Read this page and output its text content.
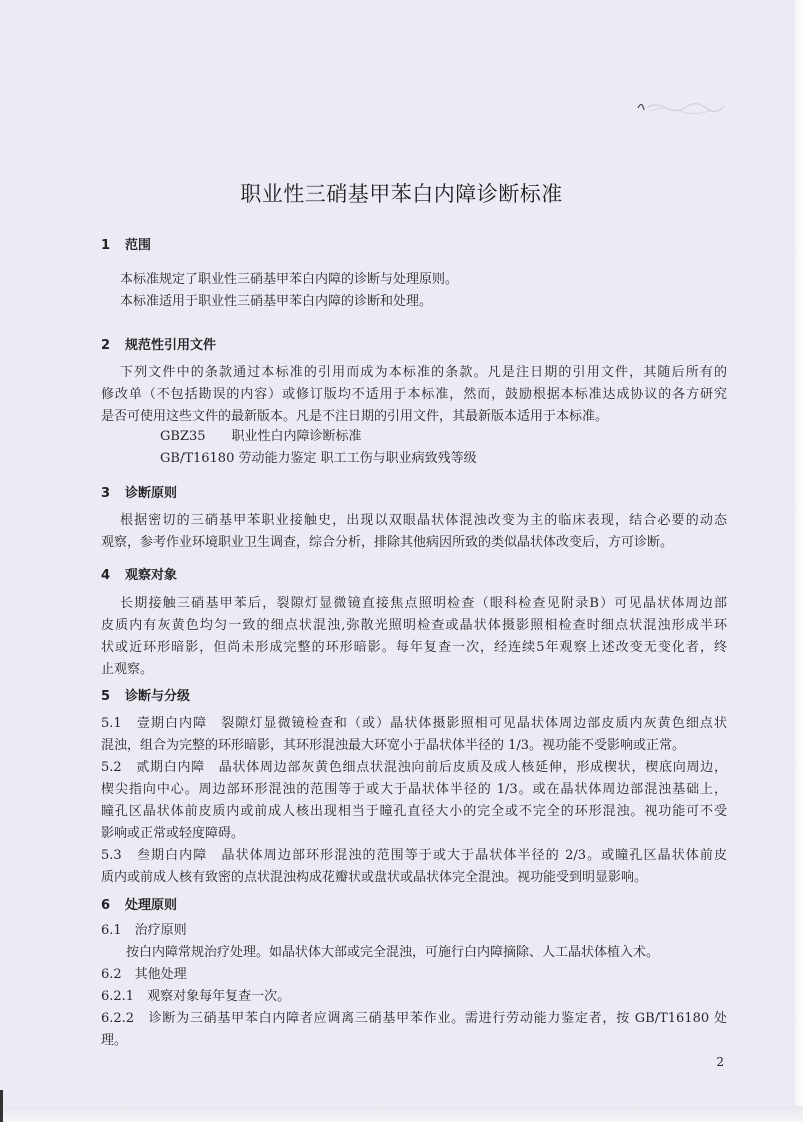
职业性三硝基甲苯白内障诊断标准
1 范围
本标准规定了职业性三硝基甲苯白内障的诊断与处理原则。
本标准适用于职业性三硝基甲苯白内障的诊断和处理。
2 规范性引用文件
下列文件中的条款通过本标准的引用而成为本标准的条款。凡是注日期的引用文件，其随后所有的
修改单（不包括勘误的内容）或修订版均不适用于本标准，然而，鼓励根据本标准达成协议的各方研究
是否可使用这些文件的最新版本。凡是不注日期的引用文件，其最新版本适用于本标准。
GBZ35　　职业性白内障诊断标准
GB/T16180 劳动能力鉴定 职工工伤与职业病致残等级
3 诊断原则
根据密切的三硝基甲苯职业接触史，出现以双眼晶状体混浊改变为主的临床表现，结合必要的动态
观察，参考作业环境职业卫生调查，综合分析，排除其他病因所致的类似晶状体改变后，方可诊断。
4 观察对象
长期接触三硝基甲苯后，裂隙灯显微镜直接焦点照明检查（眼科检查见附录B）可见晶状体周边部
皮质内有灰黄色均匀一致的细点状混浊,弥散光照明检查或晶状体摄影照相检查时细点状混浊形成半环
状或近环形暗影，但尚未形成完整的环形暗影。每年复查一次，经连续5年观察上述改变无变化者，终
止观察。
5 诊断与分级
5.1　壹期白内障　裂隙灯显微镜检查和（或）晶状体摄影照相可见晶状体周边部皮质内灰黄色细点状
混浊，组合为完整的环形暗影，其环形混浊最大环宽小于晶状体半径的 1/3。视功能不受影响或正常。
5.2　贰期白内障　晶状体周边部灰黄色细点状混浊向前后皮质及成人核延伸，形成楔状，楔底向周边，
楔尖指向中心。周边部环形混浊的范围等于或大于晶状体半径的 1/3。或在晶状体周边部混浊基础上，
瞳孔区晶状体前皮质内或前成人核出现相当于瞳孔直径大小的完全或不完全的环形混浊。视功能可不受
影响或正常或轻度障碍。
5.3　叁期白内障　晶状体周边部环形混浊的范围等于或大于晶状体半径的 2/3。或瞳孔区晶状体前皮
质内或前成人核有致密的点状混浊构成花瓣状或盘状或晶状体完全混浊。视功能受到明显影响。
6 处理原则
6.1　治疗原则
　按白内障常规治疗处理。如晶状体大部或完全混浊，可施行白内障摘除、人工晶状体植入术。
6.2　其他处理
6.2.1　观察对象每年复查一次。
6.2.2　诊断为三硝基甲苯白内障者应调离三硝基甲苯作业。需进行劳动能力鉴定者，按 GB/T16180 处
理。
2
